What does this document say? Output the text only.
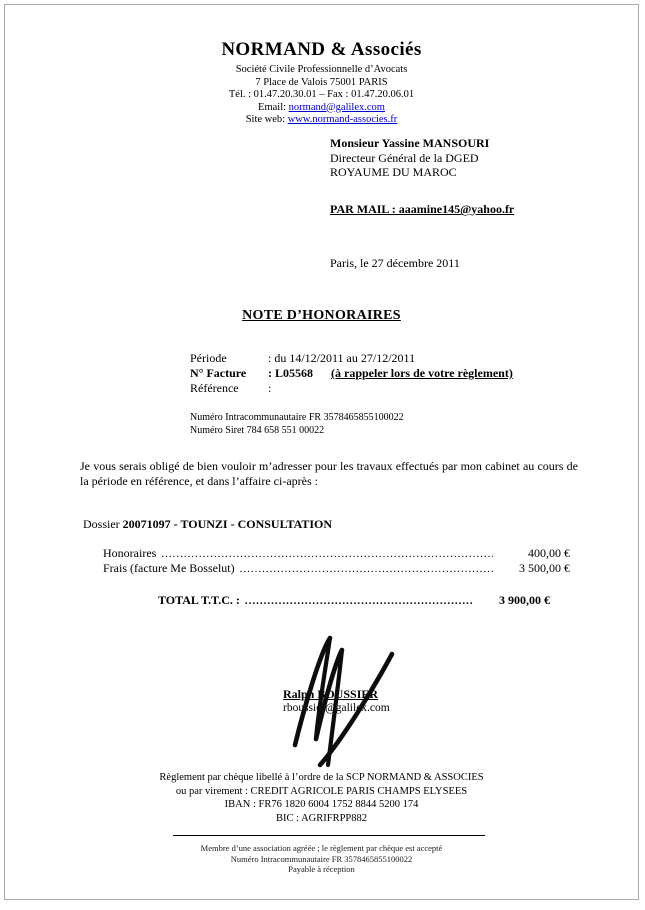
NORMAND & Associés
Société Civile Professionnelle d’Avocats
7 Place de Valois 75001 PARIS
Tél. : 01.47.20.30.01 – Fax : 01.47.20.06.01
Email: normand@galilex.com
Site web: www.normand-associes.fr
Monsieur Yassine MANSOURI
Directeur Général de la DGED
ROYAUME DU MAROC
PAR MAIL : aaamine145@yahoo.fr
Paris, le 27 décembre 2011
NOTE D’HONORAIRES
Période	: du 14/12/2011 au 27/12/2011
N° Facture	: L05568 (à rappeler lors de votre règlement)
Référence	:
Numéro Intracommunautaire FR 3578465855100022
Numéro Siret 784 658 551 00022
Je vous serais obligé de bien vouloir m’adresser pour les travaux effectués par mon cabinet au cours de la période en référence, et dans l’affaire ci-après :
Dossier 20071097 - TOUNZI - CONSULTATION
Honoraires .....	400,00 €
Frais (facture Me Bosselut) .....	3 500,00 €
TOTAL T.T.C. : .....	3 900,00 €
Ralph BOUSSIER
rboussier@galilex.com
Règlement par chèque libellé à l’ordre de la SCP NORMAND & ASSOCIES
ou par virement : CREDIT AGRICOLE PARIS CHAMPS ELYSEES
IBAN : FR76 1820 6004 1752 8844 5200 174
BIC : AGRIFRPP882
Membre d’une association agréée ; le règlement par chèque est accepté
Numéro Intracommunautaire FR 3578465855100022
Payable à réception
